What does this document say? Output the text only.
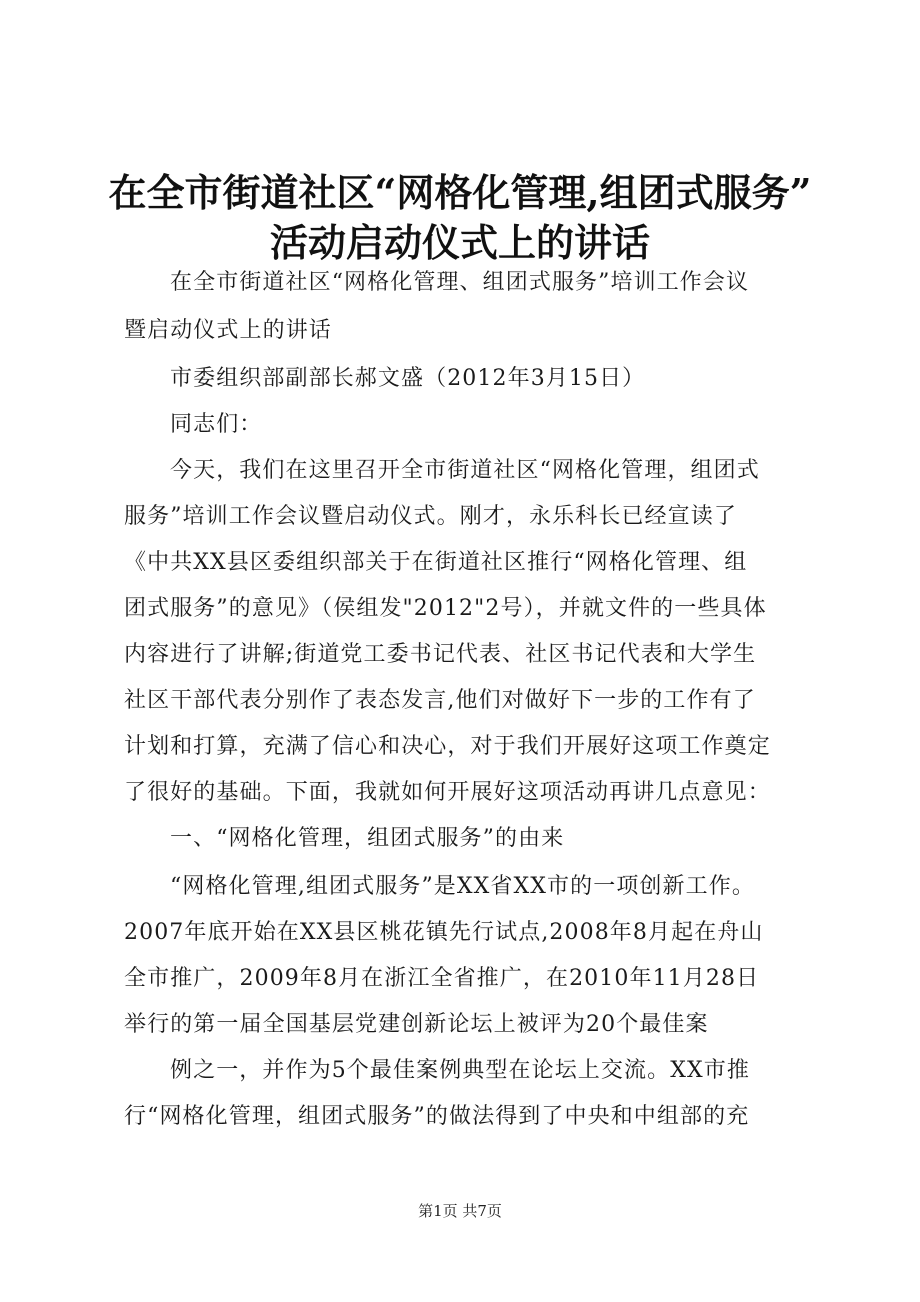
在全市街道社区“网格化管理,组团式服务”
活动启动仪式上的讲话
在全市街道社区“网格化管理、组团式服务”培训工作会议
暨启动仪式上的讲话
市委组织部副部长郝文盛（2012年3月15日）
同志们：
今天，我们在这里召开全市街道社区“网格化管理，组团式
服务”培训工作会议暨启动仪式。刚才，永乐科长已经宣读了
《中共XX县区委组织部关于在街道社区推行“网格化管理、组
团式服务”的意见》（侯组发"2012"2号），并就文件的一些具体
内容进行了讲解;街道党工委书记代表、社区书记代表和大学生
社区干部代表分别作了表态发言,他们对做好下一步的工作有了
计划和打算，充满了信心和决心，对于我们开展好这项工作奠定
了很好的基础。下面，我就如何开展好这项活动再讲几点意见：
一、“网格化管理，组团式服务”的由来
“网格化管理,组团式服务”是XX省XX市的一项创新工作。
2007年底开始在XX县区桃花镇先行试点,2008年8月起在舟山
全市推广，2009年8月在浙江全省推广，在2010年11月28日
举行的第一届全国基层党建创新论坛上被评为20个最佳案
例之一，并作为5个最佳案例典型在论坛上交流。XX市推
行“网格化管理，组团式服务”的做法得到了中央和中组部的充
第1页 共7页
